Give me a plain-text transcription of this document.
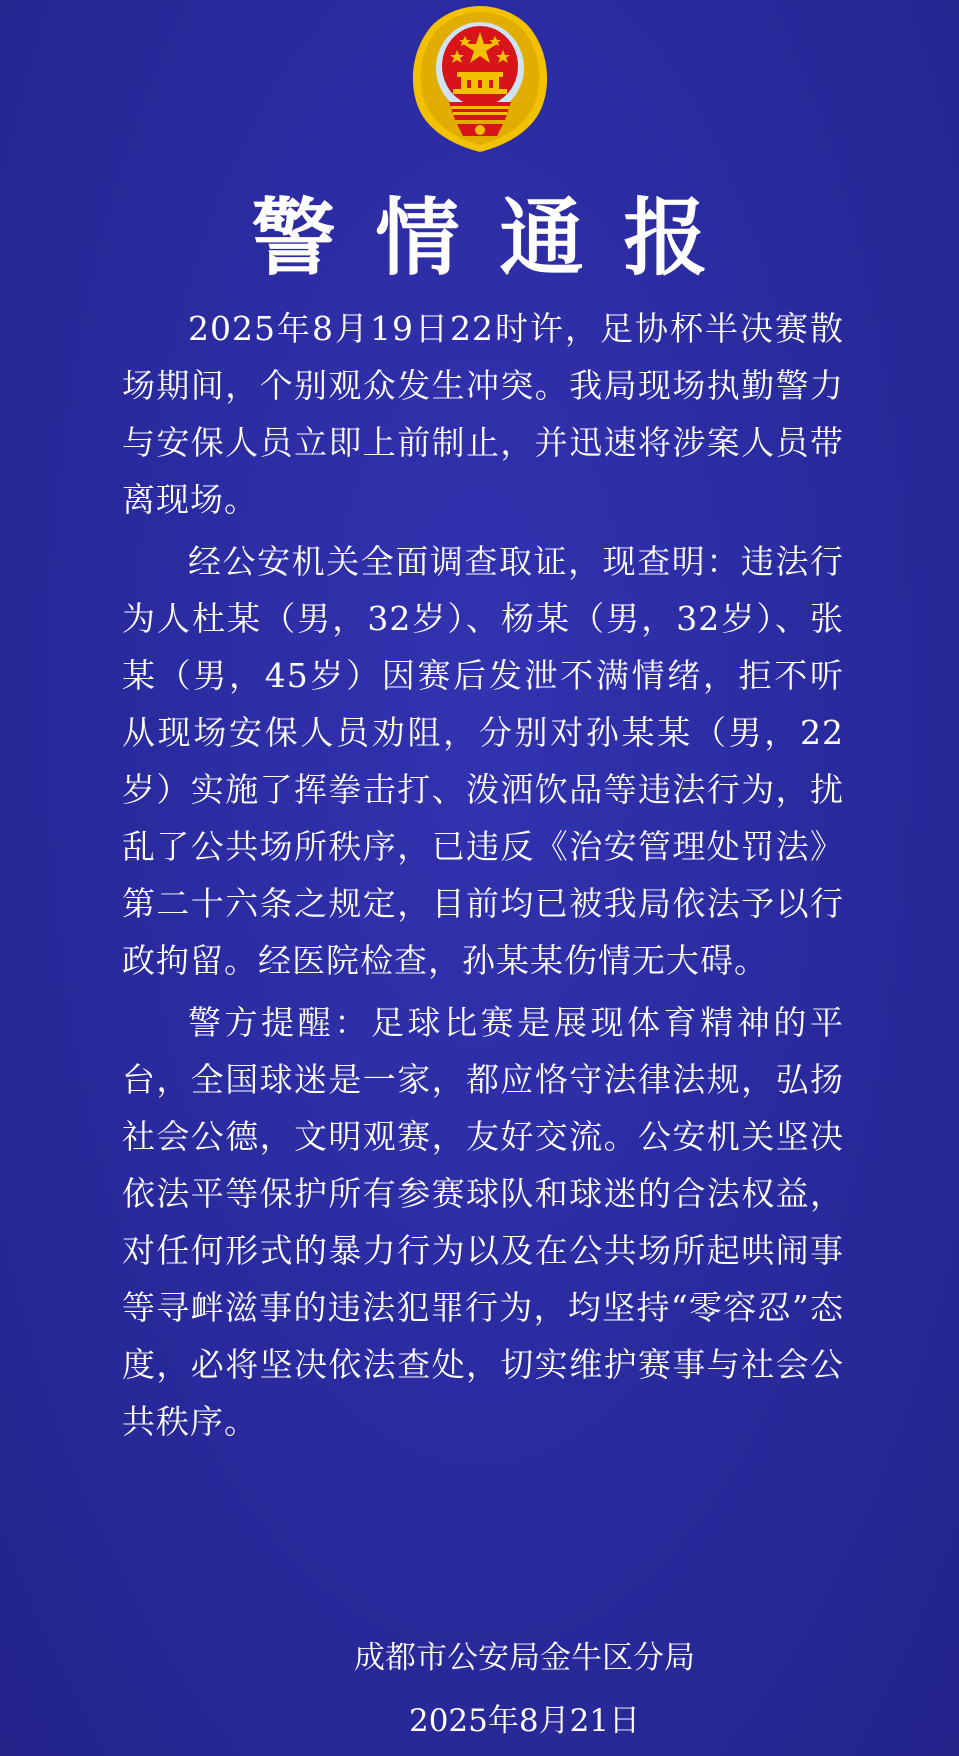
警情通报

2025年8月19日22时许，足协杯半决赛散场期间，个别观众发生冲突。我局现场执勤警力与安保人员立即上前制止，并迅速将涉案人员带离现场。

经公安机关全面调查取证，现查明：违法行为人杜某（男，32岁）、杨某（男，32岁）、张某（男，45岁）因赛后发泄不满情绪，拒不听从现场安保人员劝阻，分别对孙某某（男，22岁）实施了挥拳击打、泼洒饮品等违法行为，扰乱了公共场所秩序，已违反《治安管理处罚法》第二十六条之规定，目前均已被我局依法予以行政拘留。经医院检查，孙某某伤情无大碍。

警方提醒：足球比赛是展现体育精神的平台，全国球迷是一家，都应恪守法律法规，弘扬社会公德，文明观赛，友好交流。公安机关坚决依法平等保护所有参赛球队和球迷的合法权益，对任何形式的暴力行为以及在公共场所起哄闹事等寻衅滋事的违法犯罪行为，均坚持“零容忍”态度，必将坚决依法查处，切实维护赛事与社会公共秩序。

成都市公安局金牛区分局
2025年8月21日
